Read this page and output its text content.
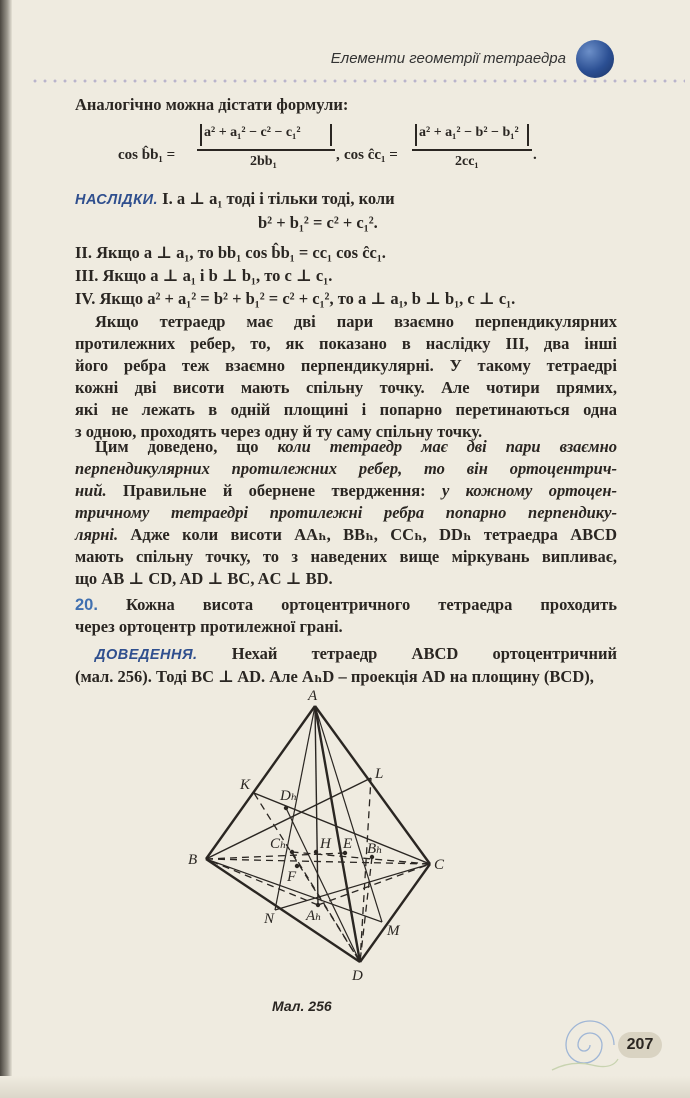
Елементи геометрії тетраедра
Аналогічно можна дістати формули:
cos b̂b₁ =
a² + a₁² − c² − c₁²
2bb₁	, cos ĉc₁ =
a² + a₁² − b² − b₁²
2cc₁	.
НАСЛІДКИ. I. a ⊥ a₁ тоді і тільки тоді, коли
b² + b₁² = c² + c₁².
II. Якщо a ⊥ a₁, то bb₁ cos b̂b₁ = cc₁ cos ĉc₁.
III. Якщо a ⊥ a₁ і b ⊥ b₁, то c ⊥ c₁.
IV. Якщо a² + a₁² = b² + b₁² = c² + c₁², то a ⊥ a₁, b ⊥ b₁, c ⊥ c₁.
Якщо тетраедр має дві пари взаємно перпендикулярних
протилежних ребер, то, як показано в наслідку III, два інші
його ребра теж взаємно перпендикулярні. У такому тетраедрі
кожні дві висоти мають спільну точку. Але чотири прямих,
які не лежать в одній площині і попарно перетинаються одна
з одною, проходять через одну й ту саму спільну точку.
Цим доведено, що коли тетраедр має дві пари взаємно
перпендикулярних протилежних ребер, то він ортоцентрич-
ний. Правильне й обернене твердження: у кожному ортоцен-
тричному тетраедрі протилежні ребра попарно перпендику-
лярні. Адже коли висоти AAₕ, BBₕ, CCₕ, DDₕ тетраедра ABCD
мають спільну точку, то з наведених вище міркувань випливає,
що AB ⊥ CD, AD ⊥ BC, AC ⊥ BD.
20. Кожна висота ортоцентричного тетраедра проходить
через ортоцентр протилежної грані.
ДОВЕДЕННЯ. Нехай тетраедр ABCD ортоцентричний
(мал. 256). Тоді BC ⊥ AD. Але AₕD – проекція AD на площину (BCD),
A
B	C
D
K
L
N
M
Dₕ
Cₕ H E Bₕ
F
Aₕ
Мал. 256
207
